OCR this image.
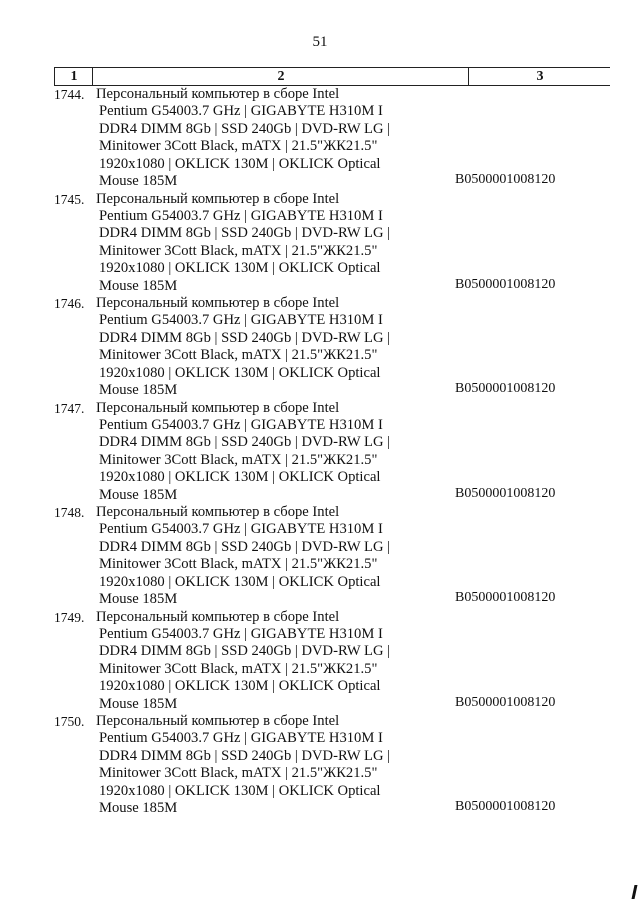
51
1	2	3
1744. Персональный компьютер в сборе Intel
Pentium G54003.7 GHz | GIGABYTE H310M I
DDR4 DIMM 8Gb | SSD 240Gb | DVD-RW LG |
Minitower 3Cott Black, mATX | 21.5"ЖК21.5"
1920x1080 | OKLICK 130M | OKLICK Optical
Mouse 185M	B0500001008120
1745. Персональный компьютер в сборе Intel
Pentium G54003.7 GHz | GIGABYTE H310M I
DDR4 DIMM 8Gb | SSD 240Gb | DVD-RW LG |
Minitower 3Cott Black, mATX | 21.5"ЖК21.5"
1920x1080 | OKLICK 130M | OKLICK Optical
Mouse 185M	B0500001008120
1746. Персональный компьютер в сборе Intel
Pentium G54003.7 GHz | GIGABYTE H310M I
DDR4 DIMM 8Gb | SSD 240Gb | DVD-RW LG |
Minitower 3Cott Black, mATX | 21.5"ЖК21.5"
1920x1080 | OKLICK 130M | OKLICK Optical
Mouse 185M	B0500001008120
1747. Персональный компьютер в сборе Intel
Pentium G54003.7 GHz | GIGABYTE H310M I
DDR4 DIMM 8Gb | SSD 240Gb | DVD-RW LG |
Minitower 3Cott Black, mATX | 21.5"ЖК21.5"
1920x1080 | OKLICK 130M | OKLICK Optical
Mouse 185M	B0500001008120
1748. Персональный компьютер в сборе Intel
Pentium G54003.7 GHz | GIGABYTE H310M I
DDR4 DIMM 8Gb | SSD 240Gb | DVD-RW LG |
Minitower 3Cott Black, mATX | 21.5"ЖК21.5"
1920x1080 | OKLICK 130M | OKLICK Optical
Mouse 185M	B0500001008120
1749. Персональный компьютер в сборе Intel
Pentium G54003.7 GHz | GIGABYTE H310M I
DDR4 DIMM 8Gb | SSD 240Gb | DVD-RW LG |
Minitower 3Cott Black, mATX | 21.5"ЖК21.5"
1920x1080 | OKLICK 130M | OKLICK Optical
Mouse 185M	B0500001008120
1750. Персональный компьютер в сборе Intel
Pentium G54003.7 GHz | GIGABYTE H310M I
DDR4 DIMM 8Gb | SSD 240Gb | DVD-RW LG |
Minitower 3Cott Black, mATX | 21.5"ЖК21.5"
1920x1080 | OKLICK 130M | OKLICK Optical
Mouse 185M	B0500001008120
